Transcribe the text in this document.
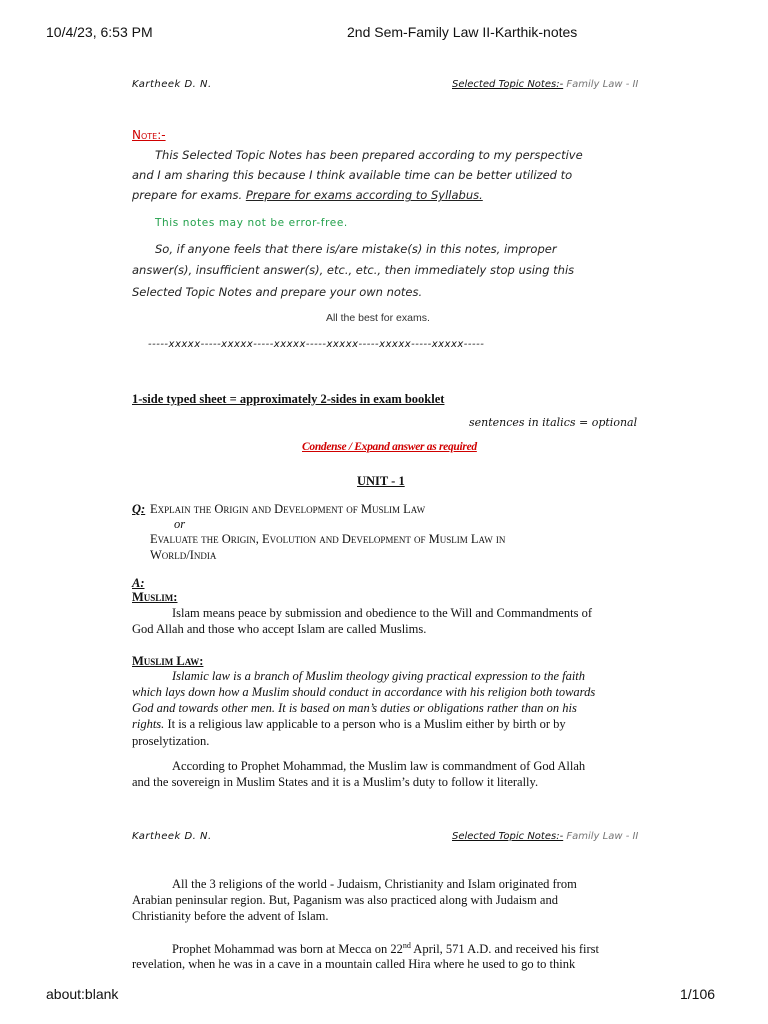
10/4/23, 6:53 PM	2nd Sem-Family Law II-Karthik-notes
about:blank	1/106
Kartheek D. N.	Selected Topic Notes:- Family Law - II
Note:-
This Selected Topic Notes has been prepared according to my perspective
and I am sharing this because I think available time can be better utilized to
prepare for exams. Prepare for exams according to Syllabus.
This notes may not be error-free.
So, if anyone feels that there is/are mistake(s) in this notes, improper
answer(s), insufficient answer(s), etc., etc., then immediately stop using this
Selected Topic Notes and prepare your own notes.
All the best for exams.
-----xxxxx-----xxxxx-----xxxxx-----xxxxx-----xxxxx-----xxxxx-----
1-side typed sheet = approximately 2-sides in exam booklet
sentences in italics = optional
Condense / Expand answer as required
UNIT - 1
Q: Explain the Origin and Development of Muslim Law
or
Evaluate the Origin, Evolution and Development of Muslim Law in
World/India
A:
Muslim:
Islam means peace by submission and obedience to the Will and Commandments of
God Allah and those who accept Islam are called Muslims.
Muslim Law:
Islamic law is a branch of Muslim theology giving practical expression to the faith
which lays down how a Muslim should conduct in accordance with his religion both towards
God and towards other men. It is based on man’s duties or obligations rather than on his
rights. It is a religious law applicable to a person who is a Muslim either by birth or by
proselytization.
According to Prophet Mohammad, the Muslim law is commandment of God Allah
and the sovereign in Muslim States and it is a Muslim’s duty to follow it literally.
Kartheek D. N.	Selected Topic Notes:- Family Law - II
All the 3 religions of the world - Judaism, Christianity and Islam originated from
Arabian peninsular region. But, Paganism was also practiced along with Judaism and
Christianity before the advent of Islam.
Prophet Mohammad was born at Mecca on 22nd April, 571 A.D. and received his first
revelation, when he was in a cave in a mountain called Hira where he used to go to think
